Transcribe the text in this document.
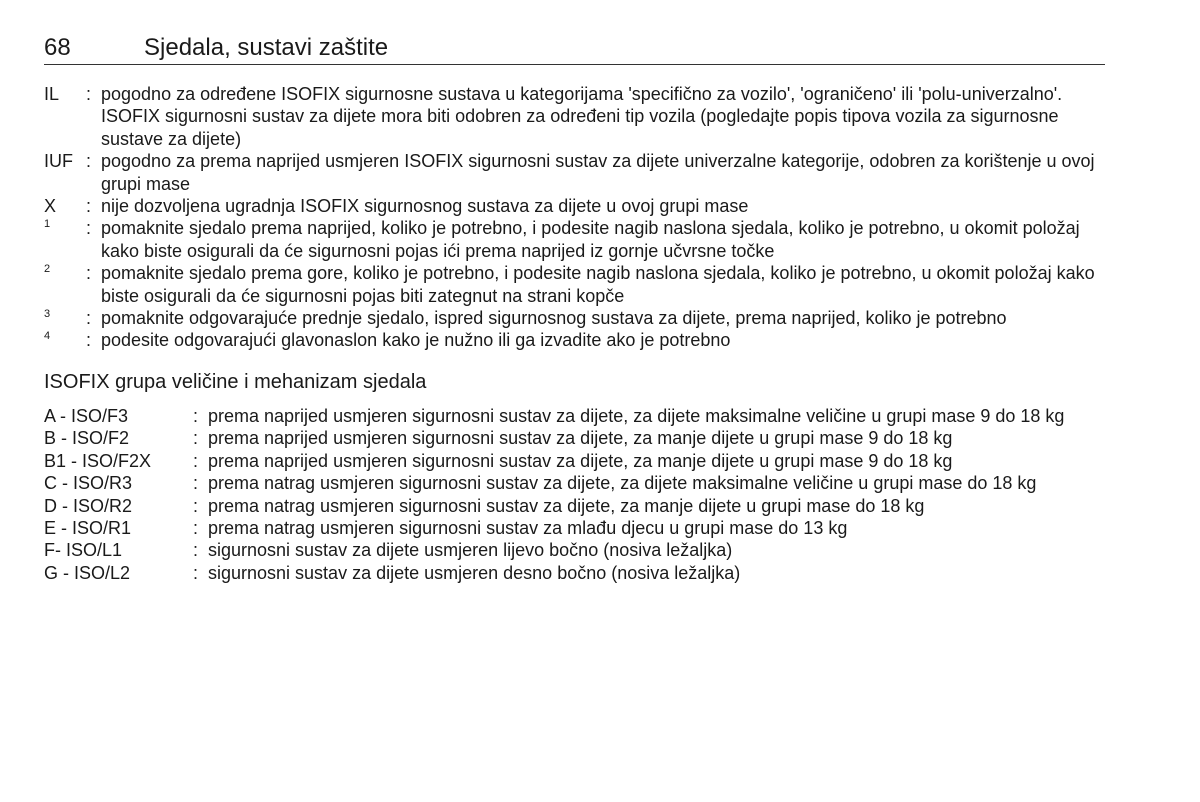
68	Sjedala, sustavi zaštite
IL	: pogodno za određene ISOFIX sigurnosne sustava u kategorijama 'specifično za vozilo', 'ograničeno' ili 'polu-univerzalno'. ISOFIX sigurnosni sustav za dijete mora biti odobren za određeni tip vozila (pogledajte popis tipova vozila za sigurnosne sustave za dijete)
IUF : pogodno za prema naprijed usmjeren ISOFIX sigurnosni sustav za dijete univerzalne kategorije, odobren za korištenje u ovoj grupi mase
X	: nije dozvoljena ugradnja ISOFIX sigurnosnog sustava za dijete u ovoj grupi mase
1	: pomaknite sjedalo prema naprijed, koliko je potrebno, i podesite nagib naslona sjedala, koliko je potrebno, u okomit položaj kako biste osigurali da će sigurnosni pojas ići prema naprijed iz gornje učvrsne točke
2	: pomaknite sjedalo prema gore, koliko je potrebno, i podesite nagib naslona sjedala, koliko je potrebno, u okomit položaj kako biste osigurali da će sigurnosni pojas biti zategnut na strani kopče
3	: pomaknite odgovarajuće prednje sjedalo, ispred sigurnosnog sustava za dijete, prema naprijed, koliko je potrebno
4	: podesite odgovarajući glavonaslon kako je nužno ili ga izvadite ako je potrebno
ISOFIX grupa veličine i mehanizam sjedala
A - ISO/F3	: prema naprijed usmjeren sigurnosni sustav za dijete, za dijete maksimalne veličine u grupi mase 9 do 18 kg
B - ISO/F2	: prema naprijed usmjeren sigurnosni sustav za dijete, za manje dijete u grupi mase 9 do 18 kg
B1 - ISO/F2X	: prema naprijed usmjeren sigurnosni sustav za dijete, za manje dijete u grupi mase 9 do 18 kg
C - ISO/R3	: prema natrag usmjeren sigurnosni sustav za dijete, za dijete maksimalne veličine u grupi mase do 18 kg
D - ISO/R2	: prema natrag usmjeren sigurnosni sustav za dijete, za manje dijete u grupi mase do 18 kg
E - ISO/R1	: prema natrag usmjeren sigurnosni sustav za mlađu djecu u grupi mase do 13 kg
F- ISO/L1	: sigurnosni sustav za dijete usmjeren lijevo bočno (nosiva ležaljka)
G - ISO/L2	: sigurnosni sustav za dijete usmjeren desno bočno (nosiva ležaljka)
